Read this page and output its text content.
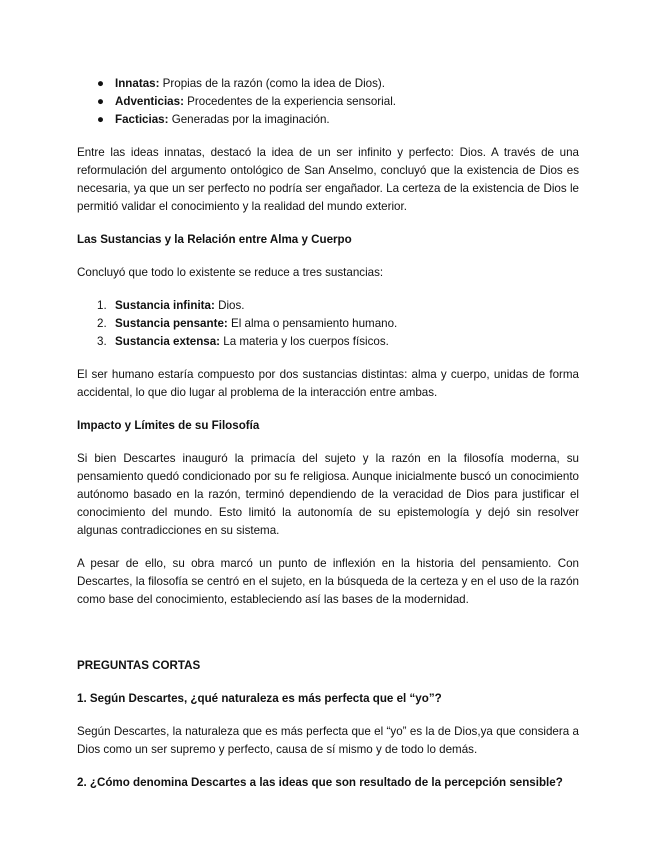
● Innatas: Propias de la razón (como la idea de Dios).
● Adventicias: Procedentes de la experiencia sensorial.
● Facticias: Generadas por la imaginación.

Entre las ideas innatas, destacó la idea de un ser infinito y perfecto: Dios. A través de una reformulación del argumento ontológico de San Anselmo, concluyó que la existencia de Dios es necesaria, ya que un ser perfecto no podría ser engañador. La certeza de la existencia de Dios le permitió validar el conocimiento y la realidad del mundo exterior.

Las Sustancias y la Relación entre Alma y Cuerpo

Concluyó que todo lo existente se reduce a tres sustancias:

1. Sustancia infinita: Dios.
2. Sustancia pensante: El alma o pensamiento humano.
3. Sustancia extensa: La materia y los cuerpos físicos.

El ser humano estaría compuesto por dos sustancias distintas: alma y cuerpo, unidas de forma accidental, lo que dio lugar al problema de la interacción entre ambas.

Impacto y Límites de su Filosofía

Si bien Descartes inauguró la primacía del sujeto y la razón en la filosofía moderna, su pensamiento quedó condicionado por su fe religiosa. Aunque inicialmente buscó un conocimiento autónomo basado en la razón, terminó dependiendo de la veracidad de Dios para justificar el conocimiento del mundo. Esto limitó la autonomía de su epistemología y dejó sin resolver algunas contradicciones en su sistema.

A pesar de ello, su obra marcó un punto de inflexión en la historia del pensamiento. Con Descartes, la filosofía se centró en el sujeto, en la búsqueda de la certeza y en el uso de la razón como base del conocimiento, estableciendo así las bases de la modernidad.

PREGUNTAS CORTAS

1. Según Descartes, ¿qué naturaleza es más perfecta que el “yo”?

Según Descartes, la naturaleza que es más perfecta que el “yo” es la de Dios,ya que considera a Dios como un ser supremo y perfecto, causa de sí mismo y de todo lo demás.

2. ¿Cómo denomina Descartes a las ideas que son resultado de la percepción sensible?
